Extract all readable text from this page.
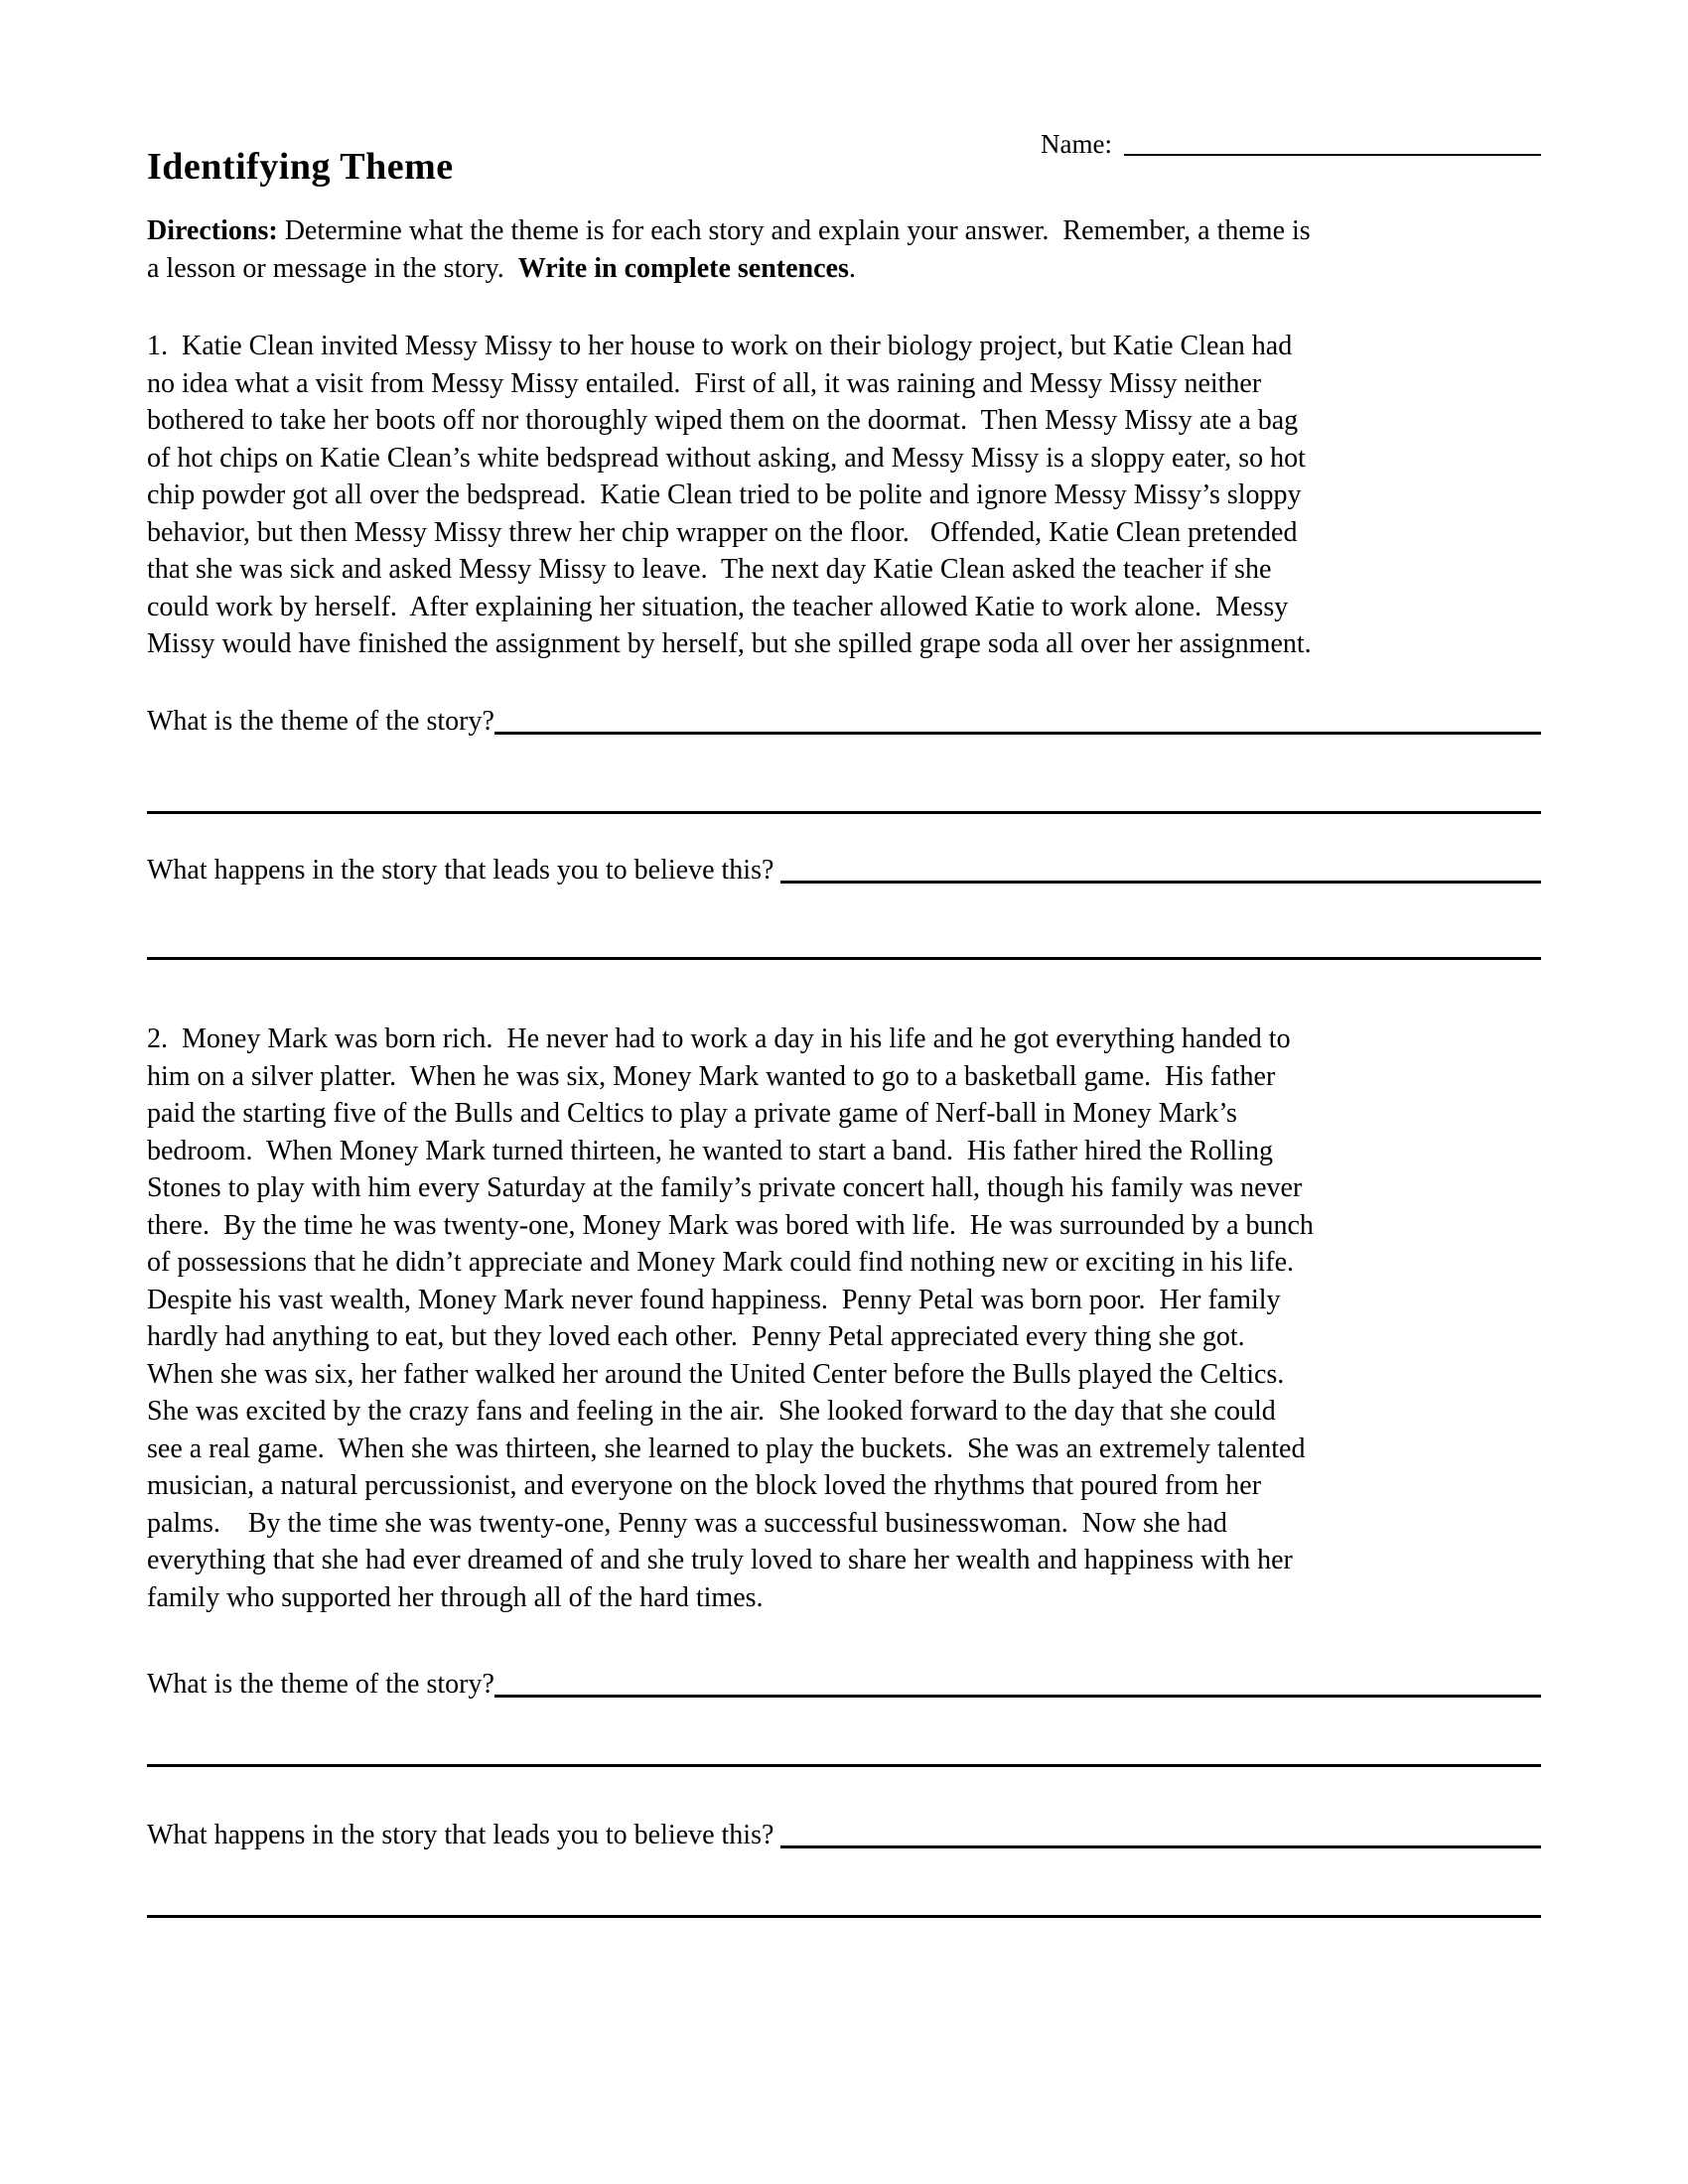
Name:
Identifying Theme
Directions: Determine what the theme is for each story and explain your answer.  Remember, a theme is
a lesson or message in the story.  Write in complete sentences.
1.  Katie Clean invited Messy Missy to her house to work on their biology project, but Katie Clean had
no idea what a visit from Messy Missy entailed.  First of all, it was raining and Messy Missy neither
bothered to take her boots off nor thoroughly wiped them on the doormat.  Then Messy Missy ate a bag
of hot chips on Katie Clean’s white bedspread without asking, and Messy Missy is a sloppy eater, so hot
chip powder got all over the bedspread.  Katie Clean tried to be polite and ignore Messy Missy’s sloppy
behavior, but then Messy Missy threw her chip wrapper on the floor.   Offended, Katie Clean pretended
that she was sick and asked Messy Missy to leave.  The next day Katie Clean asked the teacher if she
could work by herself.  After explaining her situation, the teacher allowed Katie to work alone.  Messy
Missy would have finished the assignment by herself, but she spilled grape soda all over her assignment.
What is the theme of the story?
What happens in the story that leads you to believe this?
2.  Money Mark was born rich.  He never had to work a day in his life and he got everything handed to
him on a silver platter.  When he was six, Money Mark wanted to go to a basketball game.  His father
paid the starting five of the Bulls and Celtics to play a private game of Nerf-ball in Money Mark’s
bedroom.  When Money Mark turned thirteen, he wanted to start a band.  His father hired the Rolling
Stones to play with him every Saturday at the family’s private concert hall, though his family was never
there.  By the time he was twenty-one, Money Mark was bored with life.  He was surrounded by a bunch
of possessions that he didn’t appreciate and Money Mark could find nothing new or exciting in his life.
Despite his vast wealth, Money Mark never found happiness.  Penny Petal was born poor.  Her family
hardly had anything to eat, but they loved each other.  Penny Petal appreciated every thing she got.
When she was six, her father walked her around the United Center before the Bulls played the Celtics.
She was excited by the crazy fans and feeling in the air.  She looked forward to the day that she could
see a real game.  When she was thirteen, she learned to play the buckets.  She was an extremely talented
musician, a natural percussionist, and everyone on the block loved the rhythms that poured from her
palms.    By the time she was twenty-one, Penny was a successful businesswoman.  Now she had
everything that she had ever dreamed of and she truly loved to share her wealth and happiness with her
family who supported her through all of the hard times.
What is the theme of the story?
What happens in the story that leads you to believe this?
